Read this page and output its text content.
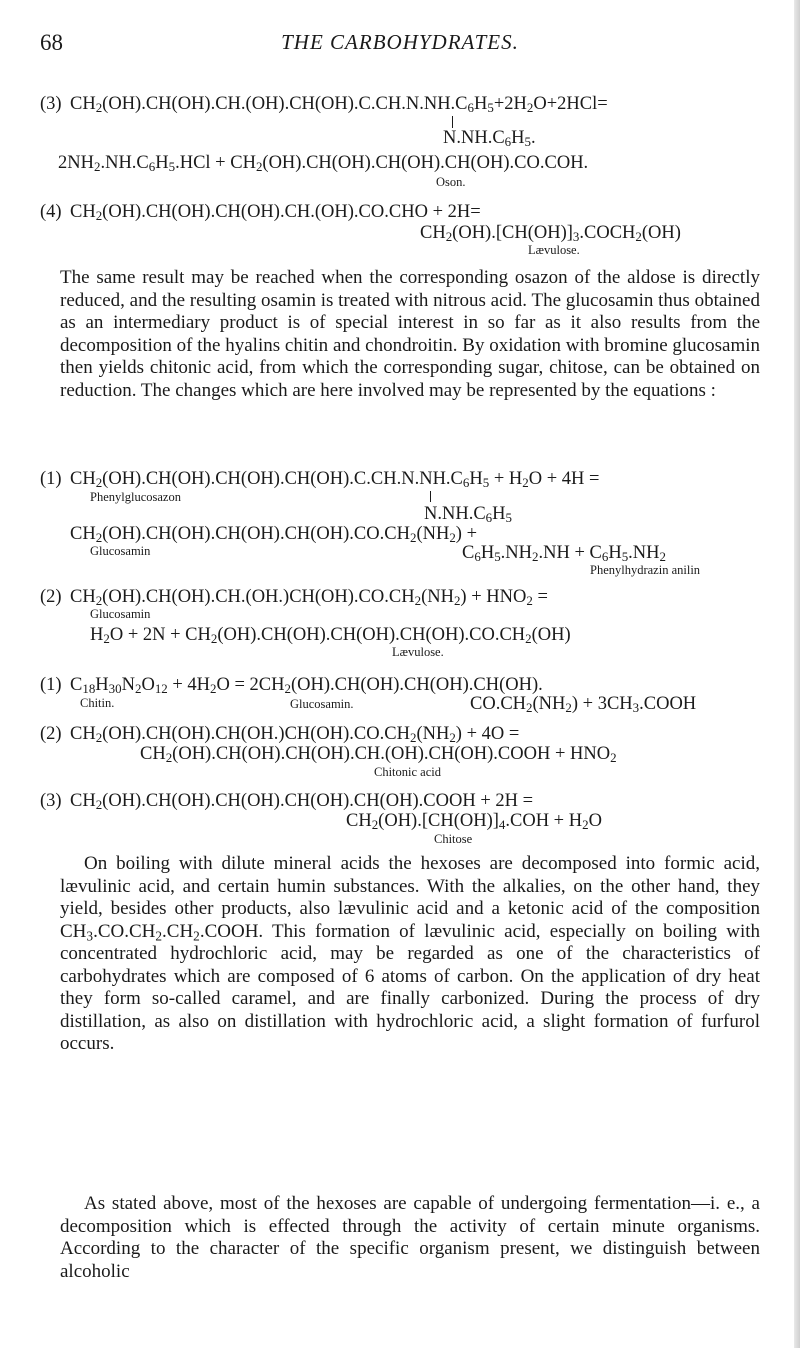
68	THE CARBOHYDRATES.
(3) $CH_2(OH).CH(OH).CH.(OH).CH(OH).C.CH.N.NH.C_6H_5+2H_2O+2HCl=$
$N.NH.C_6H_5$.
$2NH_2.NH.C_6H_5.HCl + CH_2(OH).CH(OH).CH(OH).CH(OH).CO.COH$.
Oson.
(4) $CH_2(OH).CH(OH).CH(OH).CH.(OH).CO.CHO + 2H=$
$CH_2(OH).[CH(OH)]_3.COCH_2(OH)$
Lævulose.

The same result may be reached when the corresponding osazon of the aldose is directly reduced, and the resulting osamin is treated with nitrous acid. The glucosamin thus obtained as an intermediary product is of special interest in so far as it also results from the decomposition of the hyalins chitin and chondroitin. By oxidation with bromine glucosamin then yields chitonic acid, from which the corresponding sugar, chitose, can be obtained on reduction. The changes which are here involved may be represented by the equations :

(1) $CH_2(OH).CH(OH).CH(OH).CH(OH).C.CH.N.NH.C_6H_5 + H_2O + 4H$ =
Phenylglucosazon
$N.NH.C_6H_5$
$CH_2(OH).CH(OH).CH(OH).CH(OH).CO.CH_2(NH_2)$ +
Glucosamin	$C_6H_5.NH_2.NH + C_6H_5.NH_2$
Phenylhydrazin anilin
(2) $CH_2(OH).CH(OH).CH.(OH.)CH(OH).CO.CH_2(NH_2) + HNO_2$ =
Glucosamin
$H_2O + 2N + CH_2(OH).CH(OH).CH(OH).CH(OH).CO.CH_2(OH)$
Lævulose.
(1) $C_{18}H_{30}N_2O_{12} + 4H_2O = 2CH_2(OH).CH(OH).CH(OH).CH(OH)$.
Chitin.	Glucosamin.	$CO.CH_2(NH_2)$ + $3CH_3.COOH$
(2) $CH_2(OH).CH(OH).CH(OH.)CH(OH).CO.CH_2(NH_2) + 4O$ =
$CH_2(OH).CH(OH).CH(OH).CH.(OH).CH(OH).COOH + HNO_2$
Chitonic acid
(3) $CH_2(OH).CH(OH).CH(OH).CH(OH).CH(OH).COOH + 2H$ =
$CH_2(OH).[CH(OH)]_4.COH + H_2O$
Chitose

On boiling with dilute mineral acids the hexoses are decomposed into formic acid, lævulinic acid, and certain humin substances. With the alkalies, on the other hand, they yield, besides other products, also lævulinic acid and a ketonic acid of the composition $CH_3.CO.CH_2.CH_2.COOH$. This formation of lævulinic acid, especially on boiling with concentrated hydrochloric acid, may be regarded as one of the characteristics of carbohydrates which are composed of 6 atoms of carbon. On the application of dry heat they form so-called caramel, and are finally carbonized. During the process of dry distillation, as also on distillation with hydrochloric acid, a slight formation of furfurol occurs.

As stated above, most of the hexoses are capable of undergoing fermentation—i. e., a decomposition which is effected through the activity of certain minute organisms. According to the character of the specific organism present, we distinguish between alcoholic
